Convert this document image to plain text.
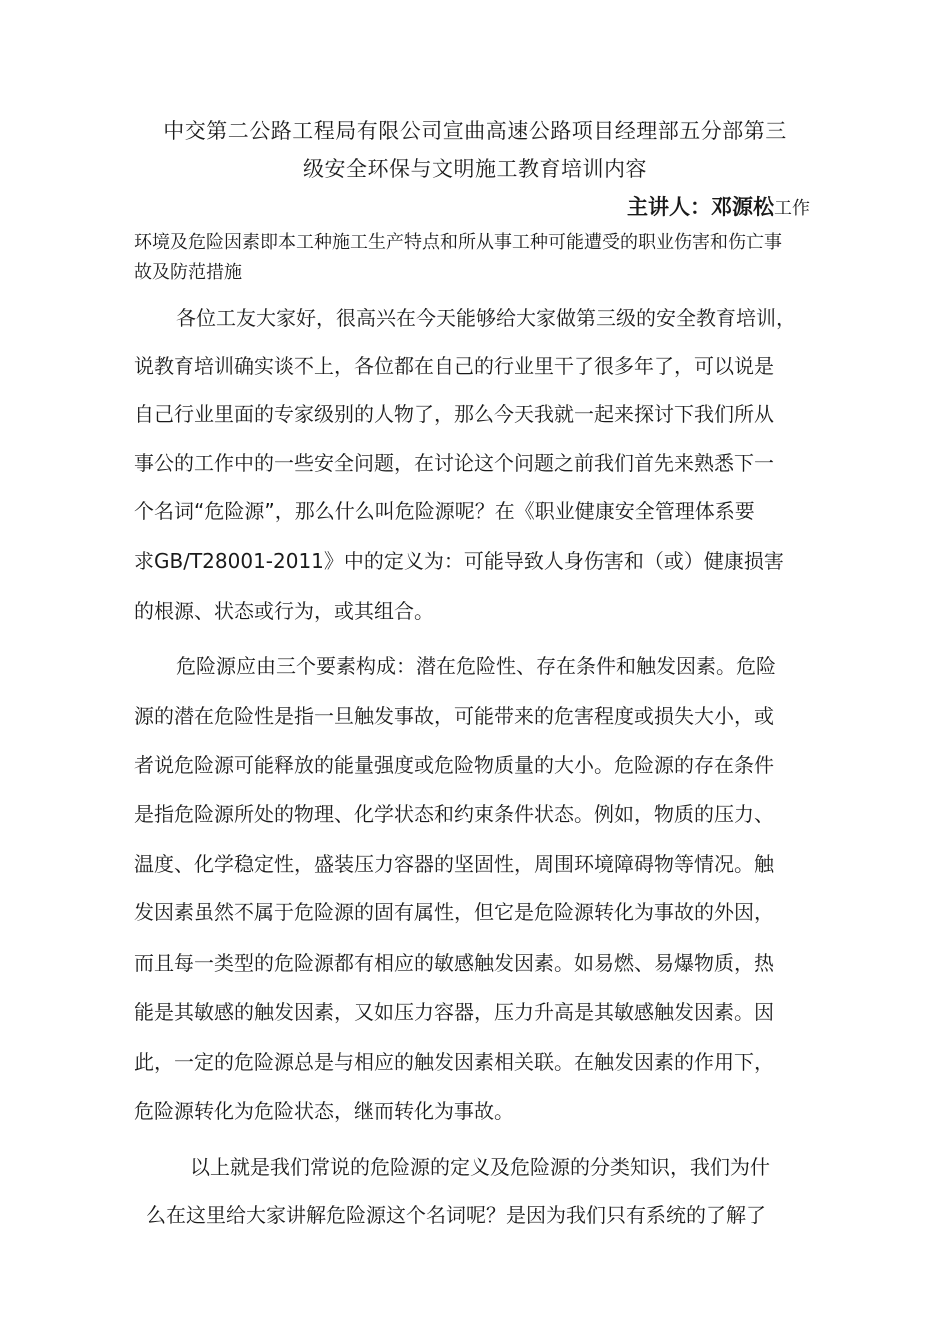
中交第二公路工程局有限公司宣曲高速公路项目经理部五分部第三
级安全环保与文明施工教育培训内容
主讲人：邓源松工作
环境及危险因素即本工种施工生产特点和所从事工种可能遭受的职业伤害和伤亡事
故及防范措施
各位工友大家好，很高兴在今天能够给大家做第三级的安全教育培训，
说教育培训确实谈不上，各位都在自己的行业里干了很多年了，可以说是
自己行业里面的专家级别的人物了，那么今天我就一起来探讨下我们所从
事公的工作中的一些安全问题，在讨论这个问题之前我们首先来熟悉下一
个名词“危险源”，那么什么叫危险源呢？在《职业健康安全管理体系要
求GB/T28001-2011》中的定义为：可能导致人身伤害和（或）健康损害
的根源、状态或行为，或其组合。
危险源应由三个要素构成：潜在危险性、存在条件和触发因素。危险
源的潜在危险性是指一旦触发事故，可能带来的危害程度或损失大小，或
者说危险源可能释放的能量强度或危险物质量的大小。危险源的存在条件
是指危险源所处的物理、化学状态和约束条件状态。例如，物质的压力、
温度、化学稳定性，盛装压力容器的坚固性，周围环境障碍物等情况。触
发因素虽然不属于危险源的固有属性，但它是危险源转化为事故的外因，
而且每一类型的危险源都有相应的敏感触发因素。如易燃、易爆物质，热
能是其敏感的触发因素，又如压力容器，压力升高是其敏感触发因素。因
此，一定的危险源总是与相应的触发因素相关联。在触发因素的作用下，
危险源转化为危险状态，继而转化为事故。
以上就是我们常说的危险源的定义及危险源的分类知识，我们为什
么在这里给大家讲解危险源这个名词呢？是因为我们只有系统的了解了
